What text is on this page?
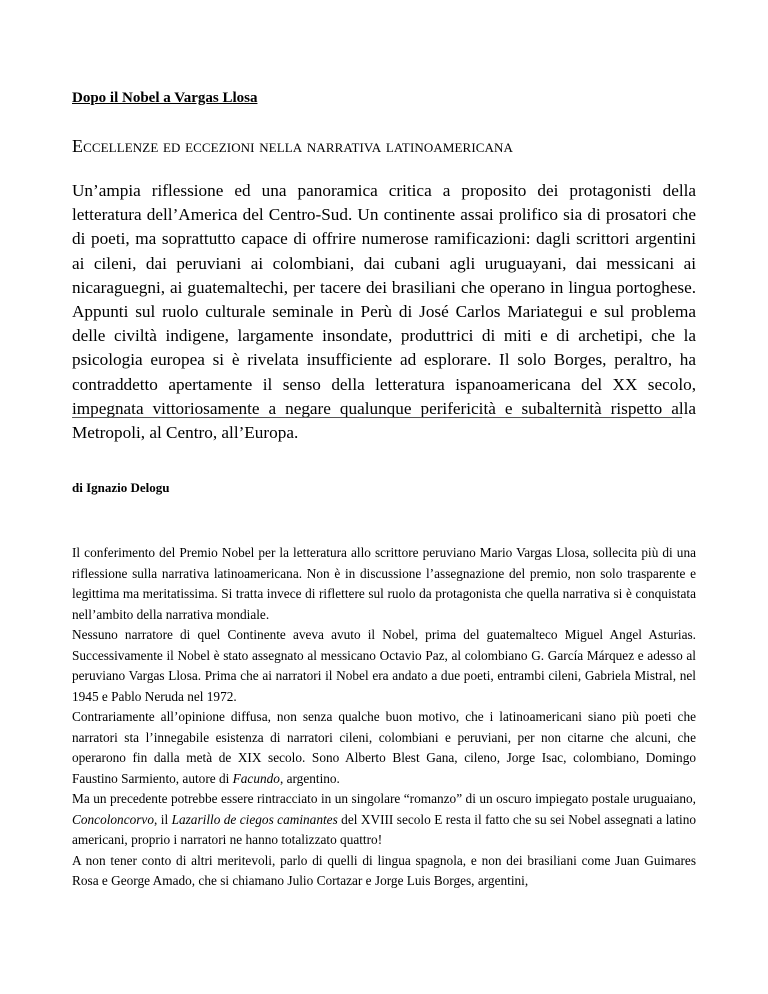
Dopo il Nobel a Vargas Llosa
Eccellenze ed eccezioni nella narrativa latinoamericana

Un’ampia riflessione ed una panoramica critica a proposito dei protagonisti della letteratura dell’America del Centro-Sud. Un continente assai prolifico sia di prosatori che di poeti, ma soprattutto capace di offrire numerose ramificazioni: dagli scrittori argentini ai cileni, dai peruviani ai colombiani, dai cubani agli uruguayani, dai messicani ai nicaraguegni, ai guatemaltechi, per tacere dei brasiliani che operano in lingua portoghese. Appunti sul ruolo culturale seminale in Perù di José Carlos Mariategui e sul problema delle civiltà indigene, largamente insondate, produttrici di miti e di archetipi, che la psicologia europea si è rivelata insufficiente ad esplorare. Il solo Borges, peraltro, ha contraddetto apertamente il senso della letteratura ispanoamericana del XX secolo, impegnata vittoriosamente a negare qualunque perifericità e subalternità rispetto alla Metropoli, al Centro, all’Europa.

di Ignazio Delogu

Il conferimento del Premio Nobel per la letteratura allo scrittore peruviano Mario Vargas Llosa, sollecita più di una riflessione sulla narrativa latinoamericana. Non è in discussione l’assegnazione del premio, non solo trasparente e legittima ma meritatissima. Si tratta invece di riflettere sul ruolo da protagonista che quella narrativa si è conquistata nell’ambito della narrativa mondiale.

Nessuno narratore di quel Continente aveva avuto il Nobel, prima del guatemalteco Miguel Angel Asturias. Successivamente il Nobel è stato assegnato al messicano Octavio Paz, al colombiano G. García Márquez e adesso al peruviano Vargas Llosa. Prima che ai narratori il Nobel era andato a due poeti, entrambi cileni, Gabriela Mistral, nel 1945 e Pablo Neruda nel 1972.

Contrariamente all’opinione diffusa, non senza qualche buon motivo, che i latinoamericani siano più poeti che narratori sta l’innegabile esistenza di narratori cileni, colombiani e peruviani, per non citarne che alcuni, che operarono fin dalla metà de XIX secolo. Sono Alberto Blest Gana, cileno, Jorge Isac, colombiano, Domingo Faustino Sarmiento, autore di Facundo, argentino.

Ma un precedente potrebbe essere rintracciato in un singolare “romanzo” di un oscuro impiegato postale uruguaiano, Concoloncorvo, il Lazarillo de ciegos caminantes del XVIII secolo E resta il fatto che su sei Nobel assegnati a latino americani, proprio i narratori ne hanno totalizzato quattro!

A non tener conto di altri meritevoli, parlo di quelli di lingua spagnola, e non dei brasiliani come Juan Guimares Rosa e George Amado, che si chiamano Julio Cortazar e Jorge Luis Borges, argentini,
